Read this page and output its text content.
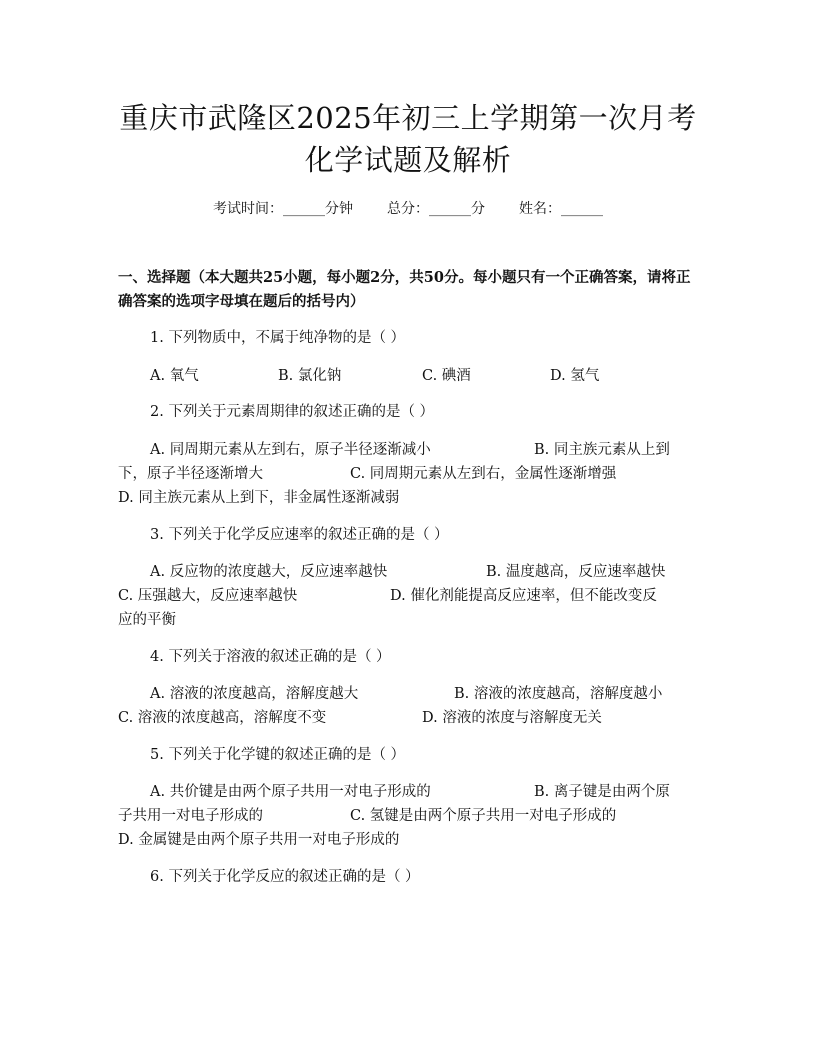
重庆市武隆区2025年初三上学期第一次月考
化学试题及解析
考试时间：______分钟 总分：______分 姓名：______
一、选择题（本大题共25小题，每小题2分，共50分。每小题只有一个正确答案，请将正确答案的选项字母填在题后的括号内）
1. 下列物质中，不属于纯净物的是（ ）
A. 氧气	B. 氯化钠	C. 碘酒	D. 氢气
2. 下列关于元素周期律的叙述正确的是（ ）
A. 同周期元素从左到右，原子半径逐渐减小	B. 同主族元素从上到
下，原子半径逐渐增大	C. 同周期元素从左到右，金属性逐渐增强
D. 同主族元素从上到下，非金属性逐渐减弱
3. 下列关于化学反应速率的叙述正确的是（ ）
A. 反应物的浓度越大，反应速率越快	B. 温度越高，反应速率越快
C. 压强越大，反应速率越快	D. 催化剂能提高反应速率，但不能改变反
应的平衡
4. 下列关于溶液的叙述正确的是（ ）
A. 溶液的浓度越高，溶解度越大	B. 溶液的浓度越高，溶解度越小
C. 溶液的浓度越高，溶解度不变	D. 溶液的浓度与溶解度无关
5. 下列关于化学键的叙述正确的是（ ）
A. 共价键是由两个原子共用一对电子形成的	B. 离子键是由两个原
子共用一对电子形成的	C. 氢键是由两个原子共用一对电子形成的
D. 金属键是由两个原子共用一对电子形成的
6. 下列关于化学反应的叙述正确的是（ ）
